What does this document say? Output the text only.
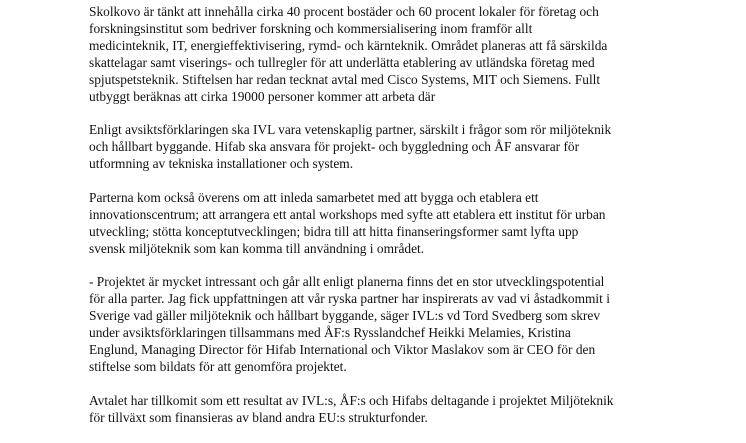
Skolkovo är tänkt att innehålla cirka 40 procent bostäder och 60 procent lokaler för företag och
forskningsinstitut som bedriver forskning och kommersialisering inom framför allt
medicinteknik, IT, energieffektivisering, rymd- och kärnteknik. Området planeras att få särskilda
skattelagar samt viserings- och tullregler för att underlätta etablering av utländska företag med
spjutspetsteknik. Stiftelsen har redan tecknat avtal med Cisco Systems, MIT och Siemens. Fullt
utbyggt beräknas att cirka 19000 personer kommer att arbeta där
Enligt avsiktsförklaringen ska IVL vara vetenskaplig partner, särskilt i frågor som rör miljöteknik
och hållbart byggande. Hifab ska ansvara för projekt- och byggledning och ÅF ansvarar för
utformning av tekniska installationer och system.
Parterna kom också överens om att inleda samarbetet med att bygga och etablera ett
innovationscentrum; att arrangera ett antal workshops med syfte att etablera ett institut för urban
utveckling; stötta konceptutvecklingen; bidra till att hitta finanseringsformer samt lyfta upp
svensk miljöteknik som kan komma till användning i området.
- Projektet är mycket intressant och går allt enligt planerna finns det en stor utvecklingspotential
för alla parter. Jag fick uppfattningen att vår ryska partner har inspirerats av vad vi åstadkommit i
Sverige vad gäller miljöteknik och hållbart byggande, säger IVL:s vd Tord Svedberg som skrev
under avsiktsförklaringen tillsammans med ÅF:s Rysslandchef Heikki Melamies, Kristina
Englund, Managing Director för Hifab International och Viktor Maslakov som är CEO för den
stiftelse som bildats för att genomföra projektet.
Avtalet har tillkomit som ett resultat av IVL:s, ÅF:s och Hifabs deltagande i projektet Miljöteknik
för tillväxt som finansieras av bland andra EU:s strukturfonder.
